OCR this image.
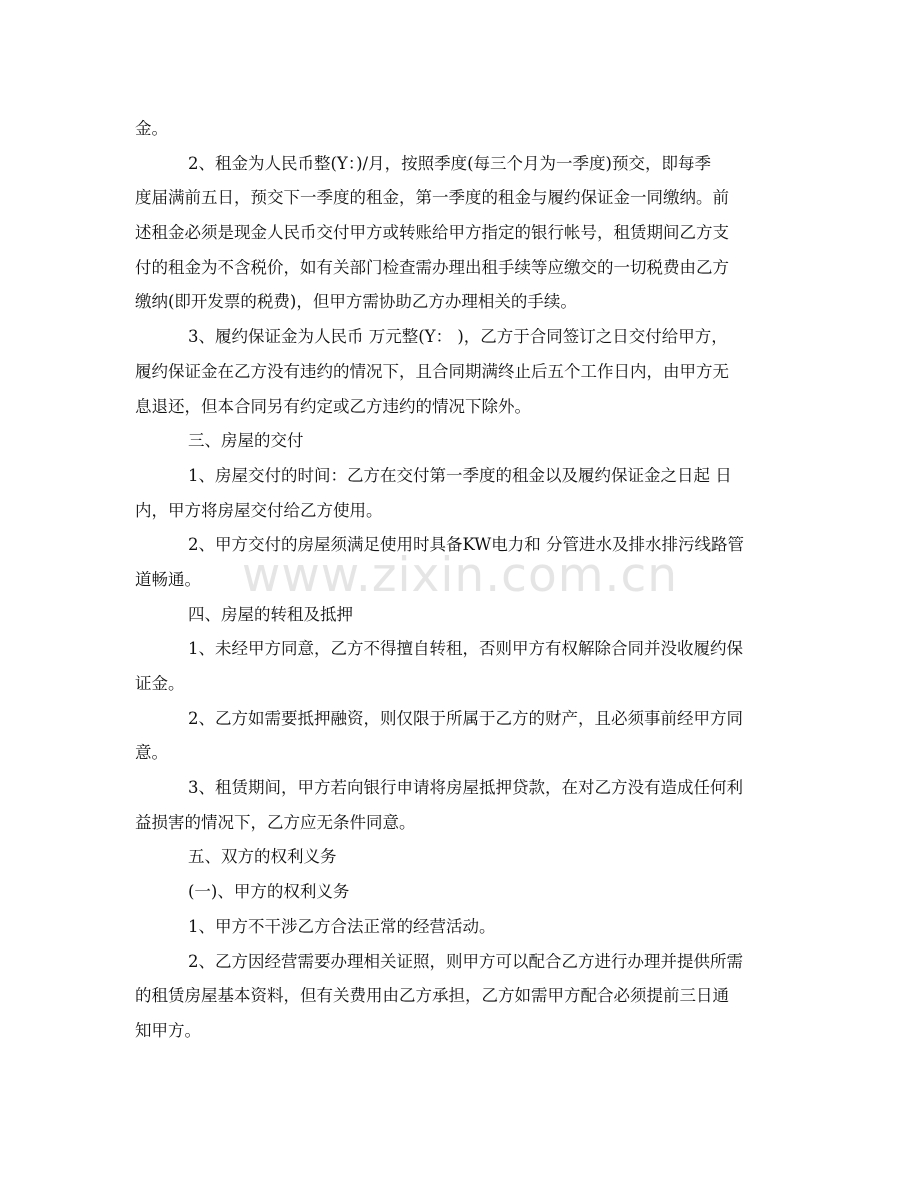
金。
2、租金为人民币整(Y：)/月，按照季度(每三个月为一季度)预交，即每季
度届满前五日，预交下一季度的租金，第一季度的租金与履约保证金一同缴纳。前
述租金必须是现金人民币交付甲方或转账给甲方指定的银行帐号，租赁期间乙方支
付的租金为不含税价，如有关部门检查需办理出租手续等应缴交的一切税费由乙方
缴纳(即开发票的税费)，但甲方需协助乙方办理相关的手续。
3、履约保证金为人民币 万元整(Y： )，乙方于合同签订之日交付给甲方，
履约保证金在乙方没有违约的情况下，且合同期满终止后五个工作日内，由甲方无
息退还，但本合同另有约定或乙方违约的情况下除外。
三、房屋的交付
1、房屋交付的时间：乙方在交付第一季度的租金以及履约保证金之日起 日
内，甲方将房屋交付给乙方使用。
2、甲方交付的房屋须满足使用时具备KW电力和 分管进水及排水排污线路管
道畅通。
四、房屋的转租及抵押
1、未经甲方同意，乙方不得擅自转租，否则甲方有权解除合同并没收履约保
证金。
2、乙方如需要抵押融资，则仅限于所属于乙方的财产，且必须事前经甲方同
意。
3、租赁期间，甲方若向银行申请将房屋抵押贷款，在对乙方没有造成任何利
益损害的情况下，乙方应无条件同意。
五、双方的权利义务
(一)、甲方的权利义务
1、甲方不干涉乙方合法正常的经营活动。
2、乙方因经营需要办理相关证照，则甲方可以配合乙方进行办理并提供所需
的租赁房屋基本资料，但有关费用由乙方承担，乙方如需甲方配合必须提前三日通
知甲方。
www.zixin.com.cn
